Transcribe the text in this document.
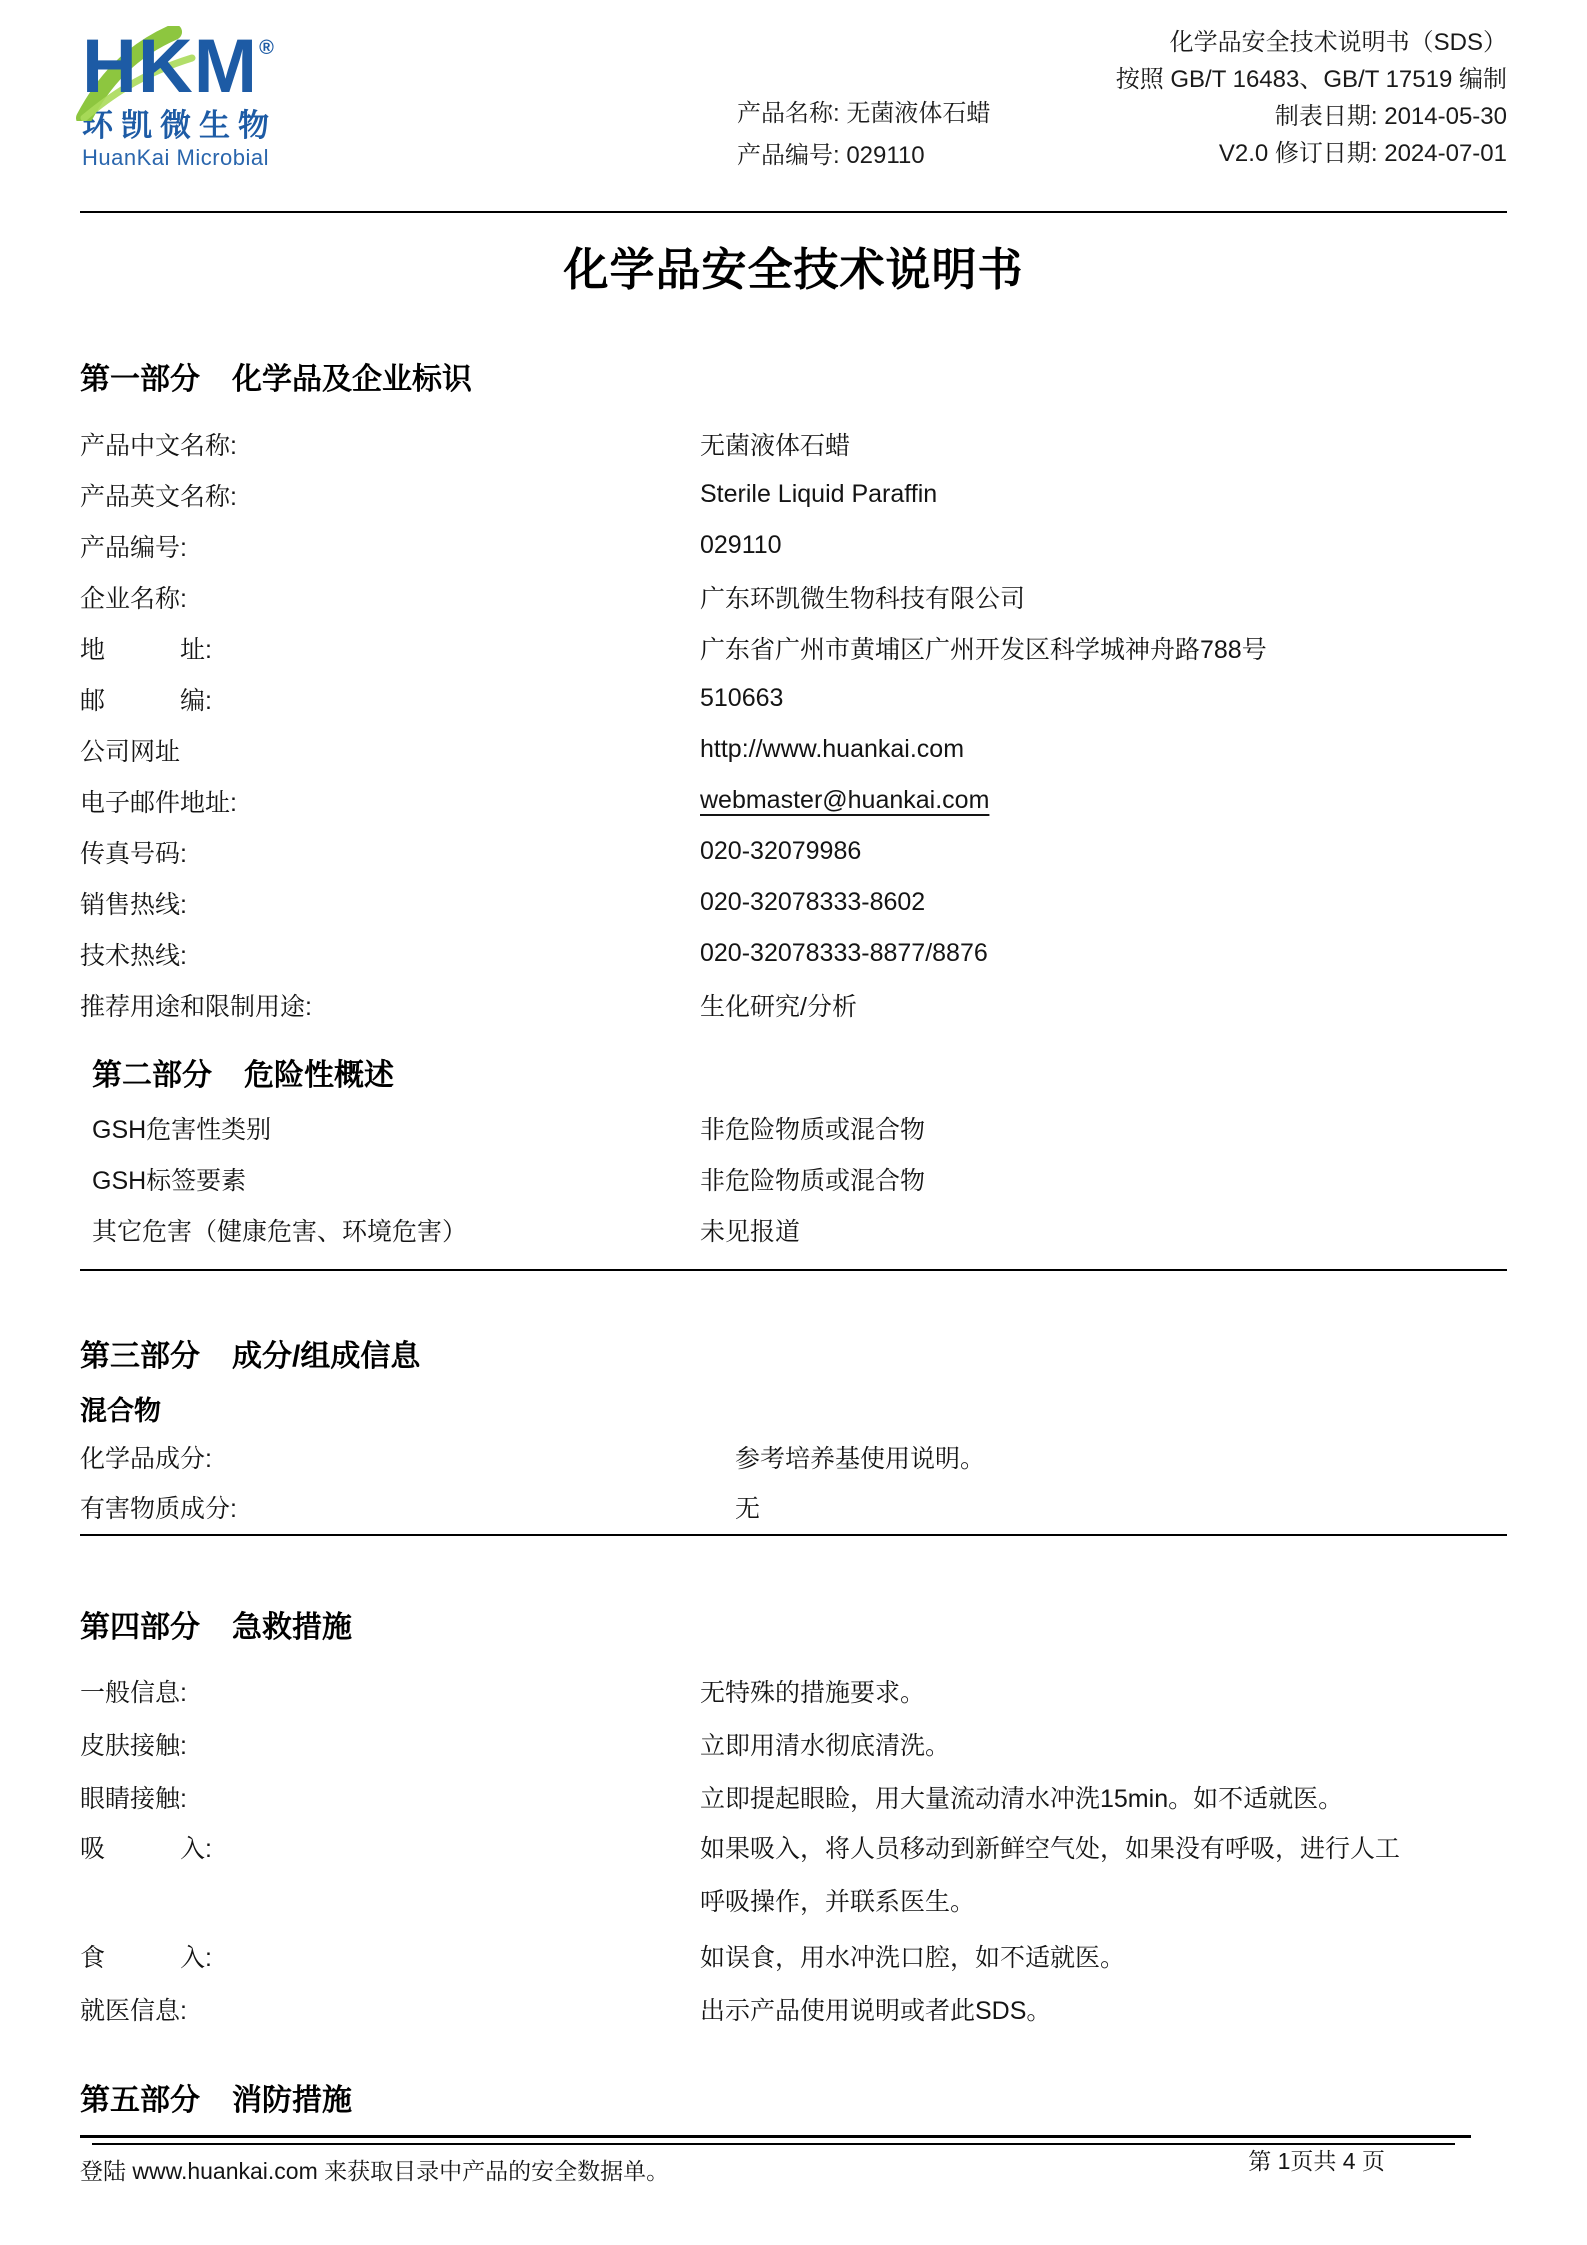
HKM®
环凯微生物
HuanKai Microbial
产品名称: 无菌液体石蜡
产品编号: 029110
化学品安全技术说明书（SDS）
按照 GB/T 16483、GB/T 17519 编制
制表日期: 2014-05-30
V2.0 修订日期: 2024-07-01
化学品安全技术说明书
第一部分 化学品及企业标识
产品中文名称:	无菌液体石蜡
产品英文名称:	Sterile Liquid Paraffin
产品编号:	029110
企业名称:	广东环凯微生物科技有限公司
地　　　址:	广东省广州市黄埔区广州开发区科学城神舟路788号
邮　　　编:	510663
公司网址	http://www.huankai.com
电子邮件地址:	webmaster@huankai.com
传真号码:	020-32079986
销售热线:	020-32078333-8602
技术热线:	020-32078333-8877/8876
推荐用途和限制用途:	生化研究/分析
第二部分 危险性概述
GSH危害性类别	非危险物质或混合物
GSH标签要素	非危险物质或混合物
其它危害（健康危害、环境危害）	未见报道
第三部分 成分/组成信息
混合物
化学品成分:	参考培养基使用说明。
有害物质成分:	无
第四部分 急救措施
一般信息:	无特殊的措施要求。
皮肤接触:	立即用清水彻底清洗。
眼睛接触:	立即提起眼睑，用大量流动清水冲洗15min。如不适就医。
吸　　　入:	如果吸入，将人员移动到新鲜空气处，如果没有呼吸，进行人工呼吸操作，并联系医生。
食　　　入:	如误食，用水冲洗口腔，如不适就医。
就医信息:	出示产品使用说明或者此SDS。
第五部分 消防措施
登陆 www.huankai.com 来获取目录中产品的安全数据单。	第 1页共 4 页
